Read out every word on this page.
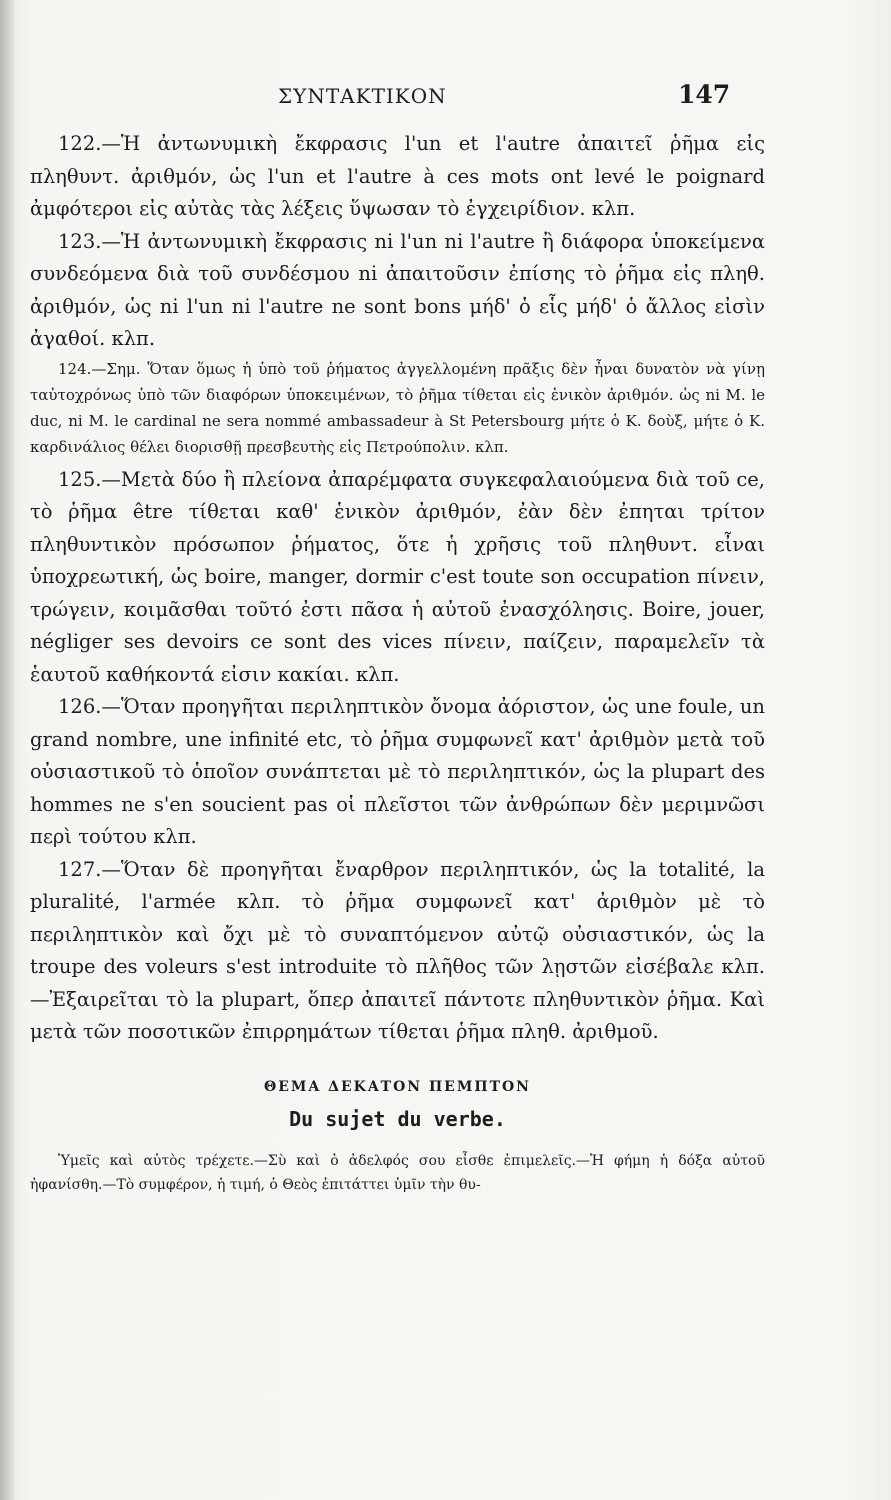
ΣΥΝΤΑΚΤΙΚΟΝ	147

122.—Ἡ ἀντωνυμικὴ ἔκφρασις l'un et l'autre ἀπαιτεῖ ῥῆμα εἰς πληθυντ. ἀριθμόν, ὡς l'un et l'autre à ces mots ont levé le poignard ἀμφότεροι εἰς αὐτὰς τὰς λέξεις ὕψωσαν τὸ ἐγχειρίδιον. κλπ.

123.—Ἡ ἀντωνυμικὴ ἔκφρασις ni l'un ni l'autre ἢ διάφορα ὑποκείμενα συνδεόμενα διὰ τοῦ συνδέσμου ni ἀπαιτοῦσιν ἐπίσης τὸ ῥῆμα εἰς πληθ. ἀριθμόν, ὡς ni l'un ni l'autre ne sont bons μήδ' ὁ εἷς μήδ' ὁ ἄλλος εἰσὶν ἀγαθοί. κλπ.

124.—Σημ. Ὅταν ὅμως ἡ ὑπὸ τοῦ ῥήματος ἀγγελλομένη πρᾶξις δὲν ἦναι δυνατὸν νὰ γίνῃ ταὐτοχρόνως ὑπὸ τῶν διαφόρων ὑποκειμένων, τὸ ῥῆμα τίθεται εἰς ἑνικὸν ἀριθμόν. ὡς ni M. le duc, ni M. le cardinal ne sera nommé ambassadeur à St Petersbourg μήτε ὁ Κ. δοὺξ, μήτε ὁ Κ. καρδινάλιος θέλει διορισθῇ πρεσβευτὴς εἰς Πετρούπολιν. κλπ.

125.—Μετὰ δύο ἢ πλείονα ἀπαρέμφατα συγκεφαλαιούμενα διὰ τοῦ ce, τὸ ῥῆμα être τίθεται καθ' ἑνικὸν ἀριθμόν, ἐὰν δὲν ἐπηται τρίτον πληθυντικὸν πρόσωπον ῥήματος, ὅτε ἡ χρῆσις τοῦ πληθυντ. εἶναι ὑποχρεωτική, ὡς boire, manger, dormir c'est toute son occupation πίνειν, τρώγειν, κοιμᾶσθαι τοῦτό ἐστι πᾶσα ἡ αὐτοῦ ἐνασχόλησις. Boire, jouer, négliger ses devoirs ce sont des vices πίνειν, παίζειν, παραμελεῖν τὰ ἑαυτοῦ καθήκοντά εἰσιν κακίαι. κλπ.

126.—Ὅταν προηγῆται περιληπτικὸν ὄνομα ἀόριστον, ὡς une foule, un grand nombre, une infinité etc, τὸ ῥῆμα συμφωνεῖ κατ' ἀριθμὸν μετὰ τοῦ οὐσιαστικοῦ τὸ ὁποῖον συνάπτεται μὲ τὸ περιληπτικόν, ὡς la plupart des hommes ne s'en soucient pas οἱ πλεῖστοι τῶν ἀνθρώπων δὲν μεριμνῶσι περὶ τούτου κλπ.

127.—Ὅταν δὲ προηγῆται ἔναρθρον περιληπτικόν, ὡς la totalité, la pluralité, l'armée κλπ. τὸ ῥῆμα συμφωνεῖ κατ' ἀριθμὸν μὲ τὸ περιληπτικὸν καὶ ὄχι μὲ τὸ συναπτόμενον αὐτῷ οὐσιαστικόν, ὡς la troupe des voleurs s'est introduite τὸ πλῆθος τῶν λῃστῶν εἰσέβαλε κλπ.—Ἐξαιρεῖται τὸ la plupart, ὅπερ ἀπαιτεῖ πάντοτε πληθυντικὸν ῥῆμα. Καὶ μετὰ τῶν ποσοτικῶν ἐπιρρημάτων τίθεται ῥῆμα πληθ. ἀριθμοῦ.

ΘΕΜΑ ΔΕΚΑΤΟΝ ΠΕΜΠΤΟΝ
Du sujet du verbe.

Ὑμεῖς καὶ αὐτὸς τρέχετε.—Σὺ καὶ ὁ ἀδελφός σου εἶσθε ἐπιμελεῖς.—Ἡ φήμη ἡ δόξα αὐτοῦ ἠφανίσθη.—Τὸ συμφέρον, ἡ τιμή, ὁ Θεὸς ἐπιτάττει ὑμῖν τὴν θυ-
